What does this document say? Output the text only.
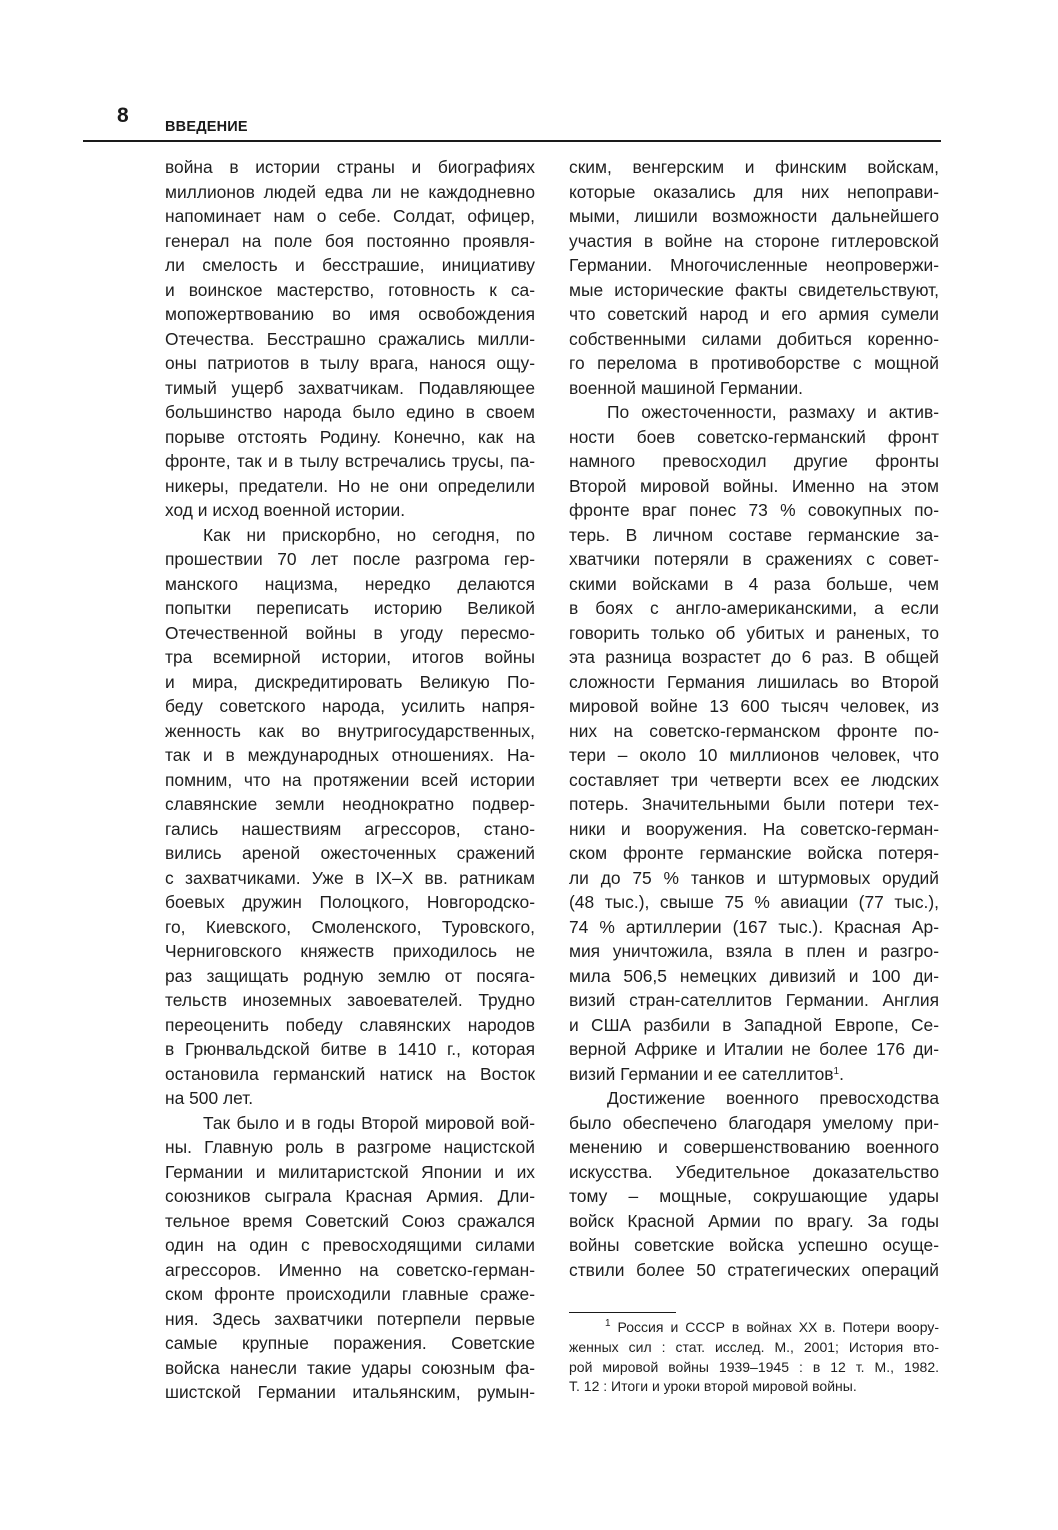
8	ВВЕДЕНИЕ
война в истории страны и биографиях
миллионов людей едва ли не каждодневно
напоминает нам о себе. Солдат, офицер,
генерал на поле боя постоянно проявля-
ли смелость и бесстрашие, инициативу
и воинское мастерство, готовность к са-
мопожертвованию во имя освобождения
Отечества. Бесстрашно сражались милли-
оны патриотов в тылу врага, нанося ощу-
тимый ущерб захватчикам. Подавляющее
большинство народа было едино в своем
порыве отстоять Родину. Конечно, как на
фронте, так и в тылу встречались трусы, па-
никеры, предатели. Но не они определили
ход и исход военной истории.
Как ни прискорбно, но сегодня, по
прошествии 70 лет после разгрома гер-
манского нацизма, нередко делаются
попытки переписать историю Великой
Отечественной войны в угоду пересмо-
тра всемирной истории, итогов войны
и мира, дискредитировать Великую По-
беду советского народа, усилить напря-
женность как во внутригосударственных,
так и в международных отношениях. На-
помним, что на протяжении всей истории
славянские земли неоднократно подвер-
гались нашествиям агрессоров, стано-
вились ареной ожесточенных сражений
с захватчиками. Уже в IX–X вв. ратникам
боевых дружин Полоцкого, Новгородско-
го, Киевского, Смоленского, Туровского,
Черниговского княжеств приходилось не
раз защищать родную землю от посяга-
тельств иноземных завоевателей. Трудно
переоценить победу славянских народов
в Грюнвальдской битве в 1410 г., которая
остановила германский натиск на Восток
на 500 лет.
Так было и в годы Второй мировой вой-
ны. Главную роль в разгроме нацистской
Германии и милитаристской Японии и их
союзников сыграла Красная Армия. Дли-
тельное время Советский Союз сражался
один на один с превосходящими силами
агрессоров. Именно на советско-герман-
ском фронте происходили главные сраже-
ния. Здесь захватчики потерпели первые
самые крупные поражения. Советские
войска нанесли такие удары союзным фа-
шистской Германии итальянским, румын-
ским, венгерским и финским войскам,
которые оказались для них непоправи-
мыми, лишили возможности дальнейшего
участия в войне на стороне гитлеровской
Германии. Многочисленные неопровержи-
мые исторические факты свидетельствуют,
что советский народ и его армия сумели
собственными силами добиться коренно-
го перелома в противоборстве с мощной
военной машиной Германии.
По ожесточенности, размаху и актив-
ности боев советско-германский фронт
намного превосходил другие фронты
Второй мировой войны. Именно на этом
фронте враг понес 73 % совокупных по-
терь. В личном составе германские за-
хватчики потеряли в сражениях с совет-
скими войсками в 4 раза больше, чем
в боях с англо-американскими, а если
говорить только об убитых и раненых, то
эта разница возрастет до 6 раз. В общей
сложности Германия лишилась во Второй
мировой войне 13 600 тысяч человек, из
них на советско-германском фронте по-
тери – около 10 миллионов человек, что
составляет три четверти всех ее людских
потерь. Значительными были потери тех-
ники и вооружения. На советско-герман-
ском фронте германские войска потеря-
ли до 75 % танков и штурмовых орудий
(48 тыс.), свыше 75 % авиации (77 тыс.),
74 % артиллерии (167 тыс.). Красная Ар-
мия уничтожила, взяла в плен и разгро-
мила 506,5 немецких дивизий и 100 ди-
визий стран-сателлитов Германии. Англия
и США разбили в Западной Европе, Се-
верной Африке и Италии не более 176 ди-
визий Германии и ее сателлитов$^1$.
Достижение военного превосходства
было обеспечено благодаря умелому при-
менению и совершенствованию военного
искусства. Убедительное доказательство
тому – мощные, сокрушающие удары
войск Красной Армии по врагу. За годы
войны советские войска успешно осуще-
ствили более 50 стратегических операций
$^1$ Россия и СССР в войнах XX в. Потери воору-
женных сил : стат. исслед. М., 2001; История вто-
рой мировой войны 1939–1945 : в 12 т. М., 1982.
Т. 12 : Итоги и уроки второй мировой войны.
